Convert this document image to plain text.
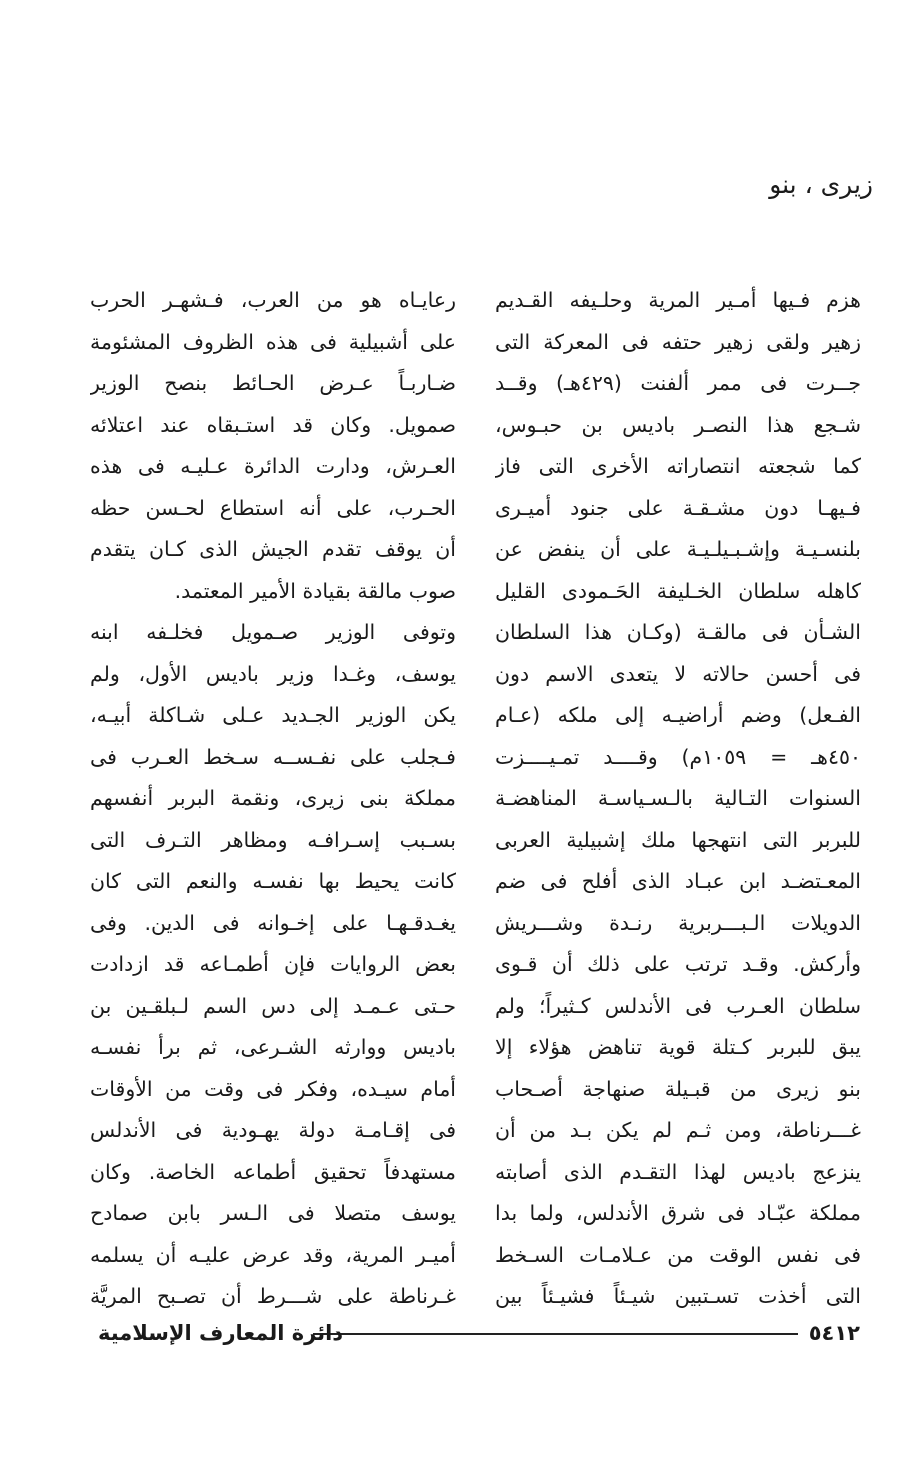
زيرى ، بنو
هزم فـيها أمـير المرية وحلـيفه القـديم
زهير ولقى زهير حتفه فى المعركة التى
جــرت فى ممر ألفنت (٤٢٩هـ) وقــد
شـجع هذا النصـر باديس بن حبـوس،
كما شجعته انتصاراته الأخرى التى فاز
فـيهـا دون مشـقـة على جنود أميـرى
بلنسـيـة وإشـبـيلـيـة على أن ينفض عن
كاهله سلطان الخـليفة الحَـمودى القليل
الشـأن فى مالقـة (وكـان هذا السلطان
فى أحسن حالاته لا يتعدى الاسم دون
الفـعل) وضم أراضيـه إلى ملكه (عـام
٤٥٠هـ = ١٠٥٩م) وقــــد تمـيــــزت
السنوات التـالية بالـسـياسـة المناهضـة
للبربر التى انتهجها ملك إشبيلية العربى
المعـتضـد ابن عبـاد الذى أفلح فى ضم
الدويلات الـبـــربرية رنـدة وشـــريش
وأركش. وقـد ترتب على ذلك أن قـوى
سلطان العـرب فى الأندلس كـثيراً؛ ولم
يبق للبربر كـتلة قوية تناهض هؤلاء إلا
بنو زيرى من قبـيلة صنهاجة أصـحاب
غـــرناطة، ومن ثـم لم يكن بـد من أن
ينزعج باديس لهذا التقـدم الذى أصابته
مملكة عبّـاد فى شرق الأندلس، ولما بدا
فى نفس الوقت من عـلامـات السـخط
التى أخذت تسـتبين شيـئاً فشيـئاً بين
رعايـاه هو من العرب، فـشهـر الحرب
على أشبيلية فى هذه الظروف المشئومة
ضـاربـاً عـرض الحـائط بنصح الوزير
صمويل. وكان قد استـبقاه عند اعتلائه
العـرش، ودارت الدائرة عـليـه فى هذه
الحـرب، على أنه استطاع لحـسن حظه
أن يوقف تقدم الجيش الذى كـان يتقدم
صوب مالقة بقيادة الأمير المعتمد.
وتوفى الوزير صـمويل فخلـفه ابنه
يوسف، وغـدا وزير باديس الأول، ولم
يكن الوزير الجـديد عـلى شـاكلة أبيـه،
فـجلب على نفـســه سـخط العـرب فى
مملكة بنى زيرى، ونقمة البربر أنفسهم
بسـبب إسـرافـه ومظاهر التـرف التى
كانت يحيط بها نفسـه والنعم التى كان
يغـدقـهـا على إخـوانه فى الدين. وفى
بعض الروايات فإن أطمـاعه قد ازدادت
حـتى عـمـد إلى دس السم لـبلقـين بن
باديس ووارثه الشـرعى، ثم برأ نفسـه
أمام سيـده، وفكر فى وقت من الأوقات
فى إقـامـة دولة يهـودية فى الأندلس
مستهدفاً تحقيق أطماعه الخاصة. وكان
يوسف متصلا فى الـسر بابن صمادح
أميـر المرية، وقد عرض عليـه أن يسلمه
غـرناطة على شـــرط أن تصـبح المريَّة
٥٤١٢
دائرة المعارف الإسلامية
